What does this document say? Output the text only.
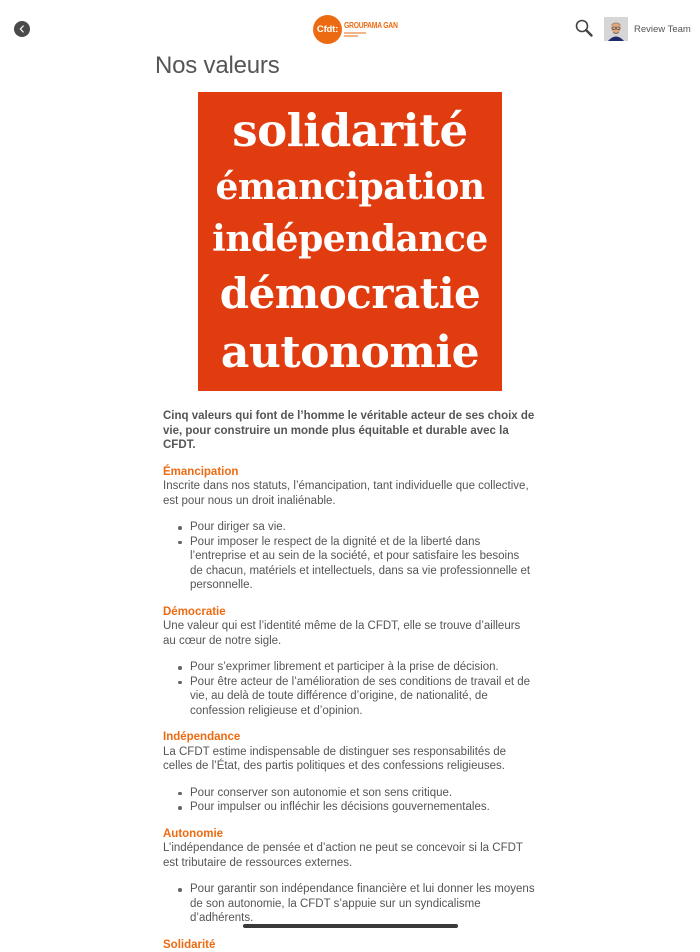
Cfdt: GROUPAMA GAN	Review Team
Nos valeurs
solidarité
émancipation
indépendance
démocratie
autonomie

Cinq valeurs qui font de l’homme le véritable acteur de ses choix de vie, pour construire un monde plus équitable et durable avec la CFDT.

Émancipation

Inscrite dans nos statuts, l’émancipation, tant individuelle que collective, est pour nous un droit inaliénable.

Pour diriger sa vie.
Pour imposer le respect de la dignité et de la liberté dans l’entreprise et au sein de la société, et pour satisfaire les besoins de chacun, matériels et intellectuels, dans sa vie professionnelle et personnelle.
Démocratie

Une valeur qui est l’identité même de la CFDT, elle se trouve d’ailleurs au cœur de notre sigle.

Pour s’exprimer librement et participer à la prise de décision.
Pour être acteur de l’amélioration de ses conditions de travail et de vie, au delà de toute différence d’origine, de nationalité, de confession religieuse et d’opinion.
Indépendance

La CFDT estime indispensable de distinguer ses responsabilités de celles de l’État, des partis politiques et des confessions religieuses.

Pour conserver son autonomie et son sens critique.
Pour impulser ou infléchir les décisions gouvernementales.
Autonomie

L’indépendance de pensée et d’action ne peut se concevoir si la CFDT est tributaire de ressources externes.

Pour garantir son indépendance financière et lui donner les moyens de son autonomie, la CFDT s’appuie sur un syndicalisme d’adhérents.
Solidarité
